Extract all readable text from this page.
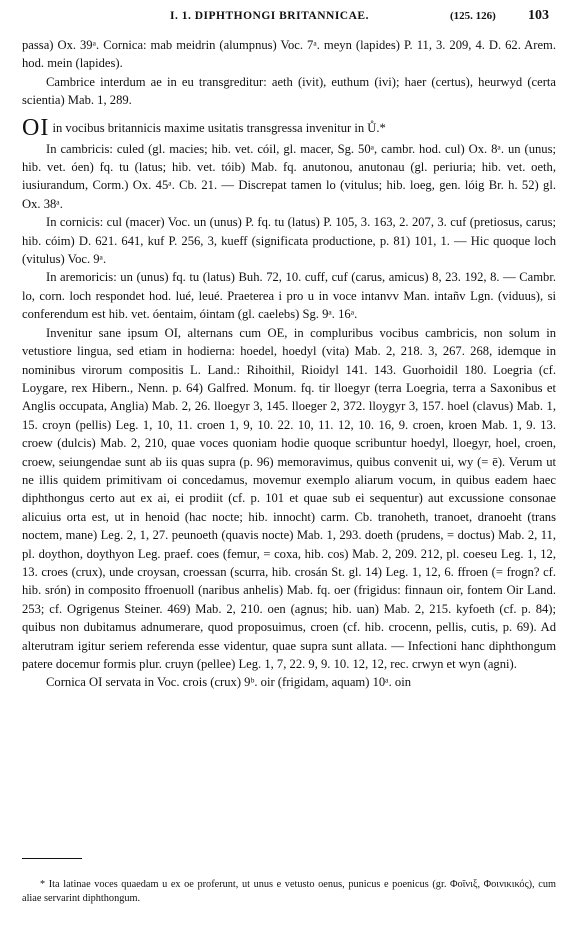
I. 1. DIPHTHONGI BRITANNICAE.	(125. 126) 103

passa) Ox. 39ᵃ. Cornica: mab meidrin (alumpnus) Voc. 7ᵃ. meyn (lapides) P. 11, 3. 209, 4. D. 62. Arem. hod. mein (lapides).

Cambrice interdum ae in eu transgreditur: aeth (ivit), euthum (ivi); haer (certus), heurwyd (certa scientia) Mab. 1, 289.

OI in vocibus britannicis maxime usitatis transgressa invenitur in Ů.*

In cambricis: culed (gl. macies; hib. vet. cóil, gl. macer, Sg. 50ᵃ, cambr. hod. cul) Ox. 8ᵃ. un (unus; hib. vet. óen) fq. tu (latus; hib. vet. tóib) Mab. fq. anutonou, anutonau (gl. periuria; hib. vet. oeth, iusiurandum, Corm.) Ox. 45ᵃ. Cb. 21. — Discrepat tamen lo (vitulus; hib. loeg, gen. lóig Br. h. 52) gl. Ox. 38ᵃ.

In cornicis: cul (macer) Voc. un (unus) P. fq. tu (latus) P. 105, 3. 163, 2. 207, 3. cuf (pretiosus, carus; hib. cóim) D. 621. 641, kuf P. 256, 3, kueff (significata productione, p. 81) 101, 1. — Hic quoque loch (vitulus) Voc. 9ᵃ.

In aremoricis: un (unus) fq. tu (latus) Buh. 72, 10. cuff, cuf (carus, amicus) 8, 23. 192, 8. — Cambr. lo, corn. loch respondet hod. lué, leué. Praeterea i pro u in voce intanvv Man. intañv Lgn. (viduus), si conferendum est hib. vet. óentaim, óintam (gl. caelebs) Sg. 9ᵃ. 16ᵃ.

Invenitur sane ipsum OI, alternans cum OE, in compluribus vocibus cambricis, non solum in vetustiore lingua, sed etiam in hodierna: hoedel, hoedyl (vita) Mab. 2, 218. 3, 267. 268, idemque in nominibus virorum compositis L. Land.: Rihoithil, Rioidyl 141. 143. Guorhoidil 180. Loegria (cf. Loygare, rex Hibern., Nenn. p. 64) Galfred. Monum. fq. tir lloegyr (terra Loegria, terra a Saxonibus et Anglis occupata, Anglia) Mab. 2, 26. lloegyr 3, 145. lloeger 2, 372. lloygyr 3, 157. hoel (clavus) Mab. 1, 15. croyn (pellis) Leg. 1, 10, 11. croen 1, 9, 10. 22. 10, 11. 12, 10. 16, 9. croen, kroen Mab. 1, 9. 13. croew (dulcis) Mab. 2, 210, quae voces quoniam hodie quoque scribuntur hoedyl, lloegyr, hoel, croen, croew, seiungendae sunt ab iis quas supra (p. 96) memoravimus, quibus convenit ui, wy (= ē). Verum ut ne illis quidem primitivam oi concedamus, movemur exemplo aliarum vocum, in quibus eadem haec diphthongus certo aut ex ai, ei prodiit (cf. p. 101 et quae sub ei sequentur) aut excussione consonae alicuius orta est, ut in henoid (hac nocte; hib. innocht) carm. Cb. tranoheth, tranoet, dranoeht (trans noctem, mane) Leg. 2, 1, 27. peunoeth (quavis nocte) Mab. 1, 293. doeth (prudens, = doctus) Mab. 2, 11, pl. doython, doythyon Leg. praef. coes (femur, = coxa, hib. cos) Mab. 2, 209. 212, pl. coeseu Leg. 1, 12, 13. croes (crux), unde croysan, croessan (scurra, hib. crosán St. gl. 14) Leg. 1, 12, 6. ffroen (= frogn? cf. hib. srón) in composito ffroenuoll (naribus anhelis) Mab. fq. oer (frigidus: finnaun oir, fontem Oir Land. 253; cf. Ogrigenus Steiner. 469) Mab. 2, 210. oen (agnus; hib. uan) Mab. 2, 215. kyfoeth (cf. p. 84); quibus non dubitamus adnumerare, quod proposuimus, croen (cf. hib. crocenn, pellis, cutis, p. 69). Ad alterutram igitur seriem referenda esse videntur, quae supra sunt allata. — Infectioni hanc diphthongum patere docemur formis plur. cruyn (pellee) Leg. 1, 7, 22. 9, 9. 10. 12, 12, rec. crwyn et wyn (agni).

Cornica OI servata in Voc. crois (crux) 9ᵇ. oir (frigidam, aquam) 10ᵃ. oin

* Ita latinae voces quaedam u ex oe proferunt, ut unus e vetusto oenus, punicus e poenicus (gr. Φοῖνιξ, Φοινικικός), cum aliae servarint diphthongum.
